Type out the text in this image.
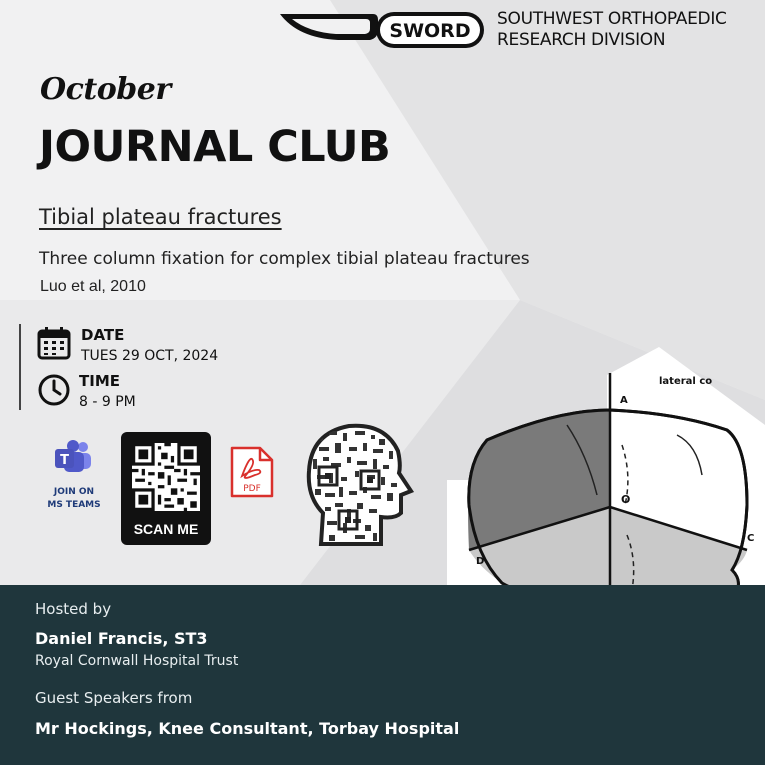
SWORD
SOUTHWEST ORTHOPAEDIC
RESEARCH DIVISION
October
JOURNAL CLUB
Tibial plateau fractures
Three column fixation for complex tibial plateau fractures
Luo et al, 2010
DATE
TUES 29 OCT, 2024
TIME
8 - 9 PM
T
JOIN ON
MS TEAMS
SCAN ME
PDF
lateral co
A
O
D
C
Hosted by
Daniel Francis, ST3
Royal Cornwall Hospital Trust
Guest Speakers from
Mr Hockings, Knee Consultant, Torbay Hospital
